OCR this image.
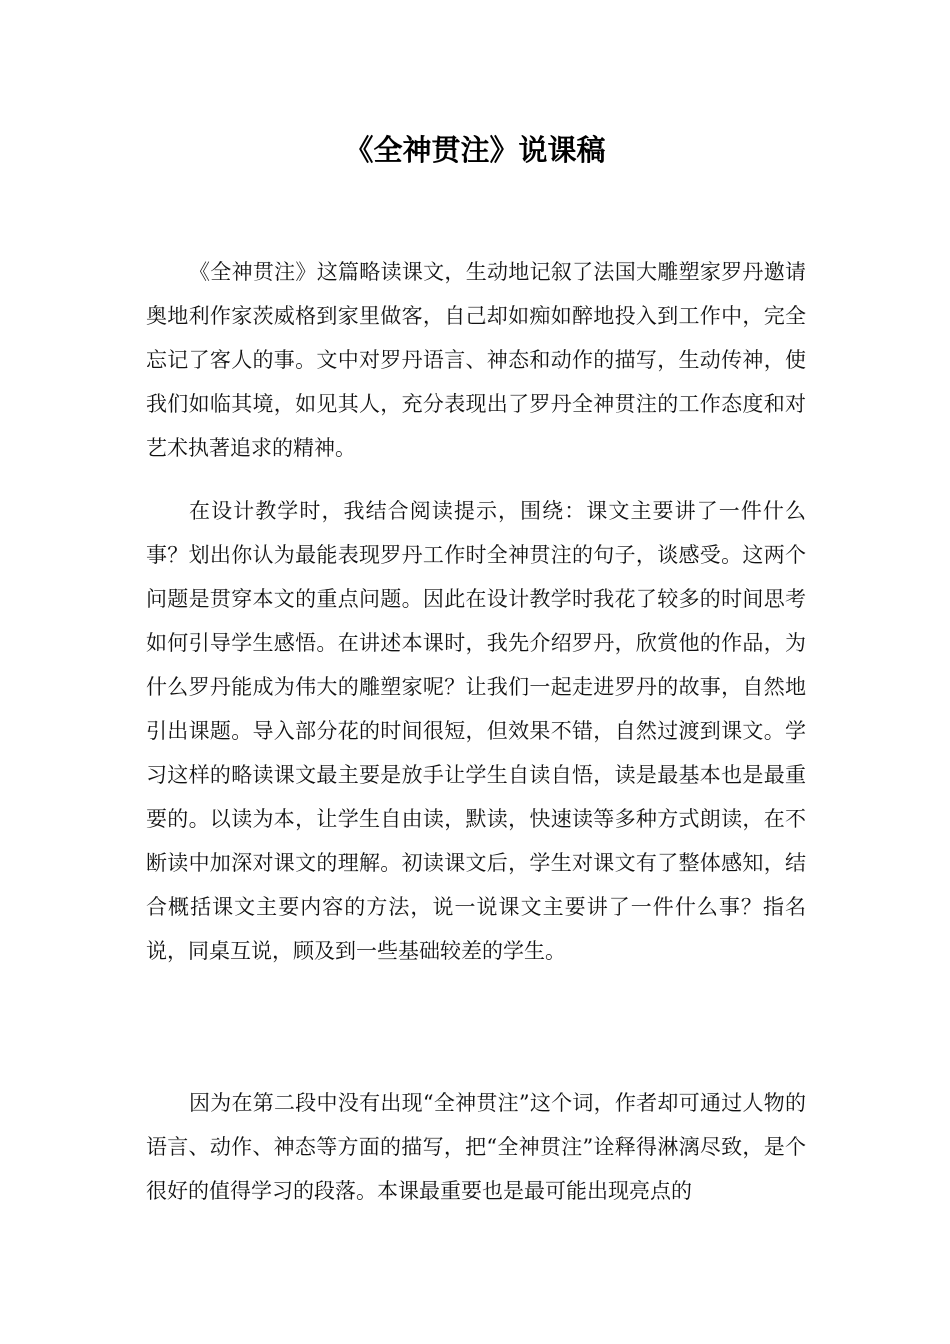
《全神贯注》说课稿

《全神贯注》这篇略读课文，生动地记叙了法国大雕塑家罗丹邀请奥地利作家茨威格到家里做客，自己却如痴如醉地投入到工作中，完全忘记了客人的事。文中对罗丹语言、神态和动作的描写，生动传神，使我们如临其境，如见其人，充分表现出了罗丹全神贯注的工作态度和对艺术执著追求的精神。

在设计教学时，我结合阅读提示，围绕：课文主要讲了一件什么事？划出你认为最能表现罗丹工作时全神贯注的句子，谈感受。这两个问题是贯穿本文的重点问题。因此在设计教学时我花了较多的时间思考如何引导学生感悟。在讲述本课时，我先介绍罗丹，欣赏他的作品，为什么罗丹能成为伟大的雕塑家呢？让我们一起走进罗丹的故事，自然地引出课题。导入部分花的时间很短，但效果不错，自然过渡到课文。学习这样的略读课文最主要是放手让学生自读自悟，读是最基本也是最重要的。以读为本，让学生自由读，默读，快速读等多种方式朗读，在不断读中加深对课文的理解。初读课文后，学生对课文有了整体感知，结合概括课文主要内容的方法，说一说课文主要讲了一件什么事？指名说，同桌互说，顾及到一些基础较差的学生。

因为在第二段中没有出现“全神贯注”这个词，作者却可通过人物的语言、动作、神态等方面的描写，把“全神贯注”诠释得淋漓尽致，是个很好的值得学习的段落。本课最重要也是最可能出现亮点的
